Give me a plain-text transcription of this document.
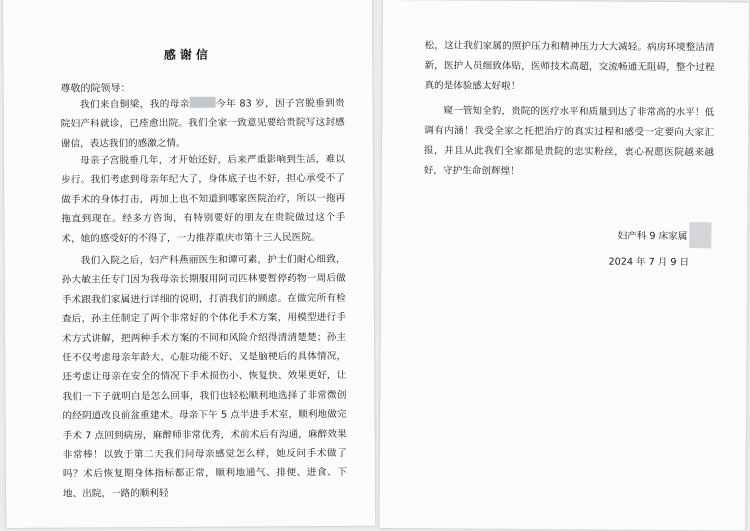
感谢信
尊敬的院领导：
我们来自铜梁，我的母亲	今年 83 岁，因子宫脱垂到贵院妇产科就诊，已痊愈出院。我们全家一致意见要给贵院写这封感谢信，表达我们的感激之情。
母亲子宫脱垂几年，才开始还好，后来严重影响到生活，难以步行。我们考虑到母亲年纪大了，身体底子也不好，担心承受不了做手术的身体打击，再加上也不知道到哪家医院治疗，所以一拖再拖直到现在。经多方咨询，有特别要好的朋友在贵院做过这个手术，她的感受好的不得了，一力推荐重庆市第十三人民医院。
我们入院之后，妇产科燕丽医生和谭可素，护士们耐心细致，孙大敏主任专门因为我母亲长期服用阿司匹林要暂停药物一周后做手术跟我们家属进行详细的说明，打消我们的顾虑。在做完所有检查后，孙主任制定了两个非常好的个体化手术方案，用模型进行手术方式讲解，把两种手术方案的不同和风险介绍得清清楚楚；孙主任不仅考虑母亲年龄大、心脏功能不好、又是脑梗后的具体情况，还考虑让母亲在安全的情况下手术损伤小、恢复快、效果更好，让我们一下子就明白是怎么回事，我们也轻松顺利地选择了非常微创的经阴道改良前盆重建术。母亲下午 5 点半进手术室，顺利地做完手术 7 点回到病房，麻醉师非常优秀，术前术后有沟通，麻醉效果非常棒！以致于第二天我们问母亲感觉怎么样，她反问手术做了吗？术后恢复期身体指标都正常，顺利地通气、排便、进食、下地、出院，一路的顺利轻
松，这让我们家属的照护压力和精神压力大大减轻。病房环境整洁清新，医护人员细致体贴，医师技术高超，交流畅通无阻碍，整个过程真的是体验感太好啦！
窥一管知全豹，贵院的医疗水平和质量到达了非常高的水平！低调有内涵！我受全家之托把治疗的真实过程和感受一定要向大家汇报，并且从此我们全家都是贵院的忠实粉丝，衷心祝愿医院越来越好，守护生命创辉煌！
妇产科 9 床家属
2024 年 7 月 9 日
